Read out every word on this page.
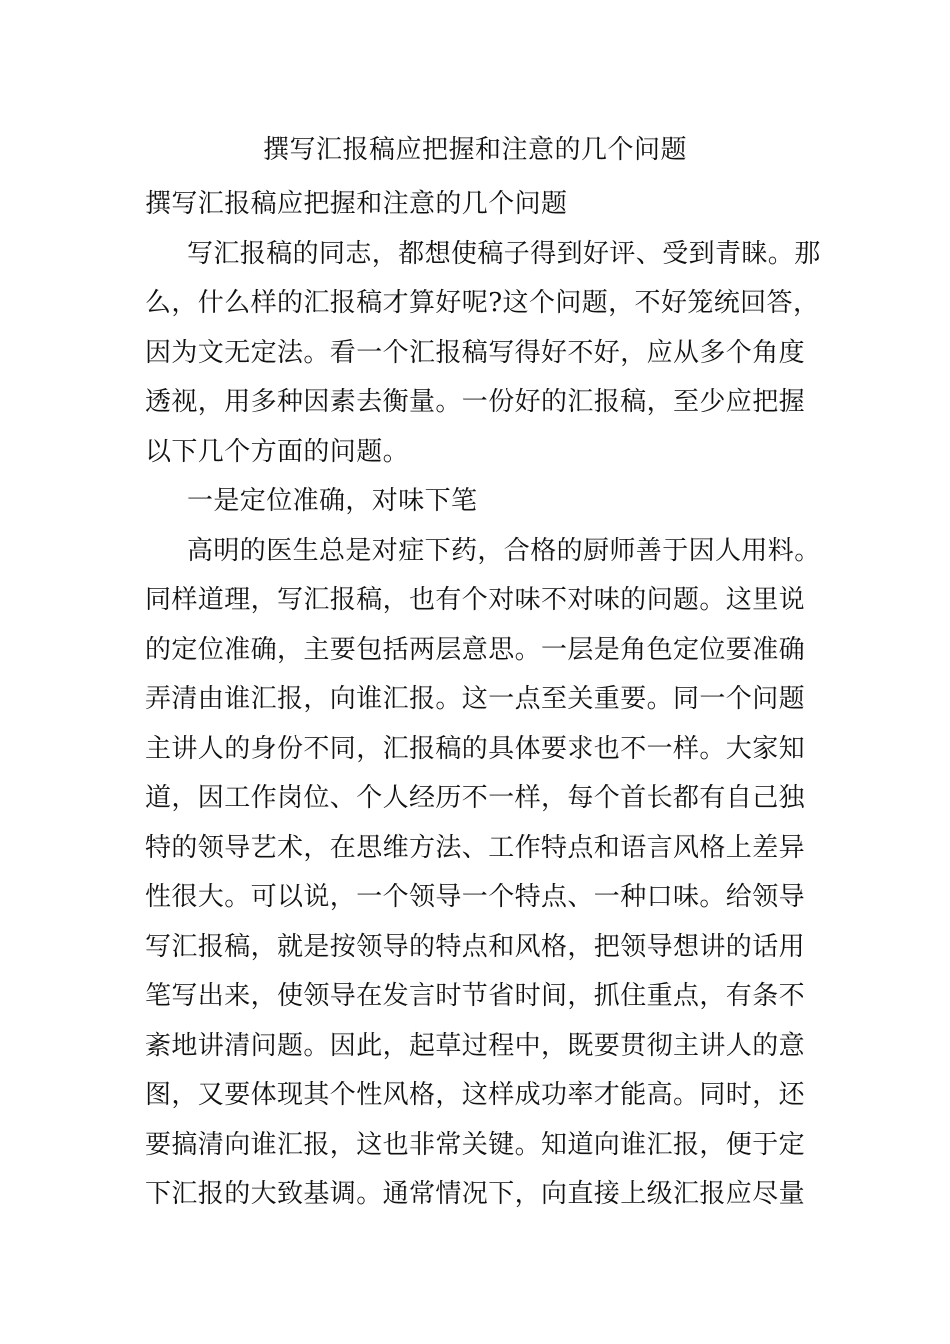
撰写汇报稿应把握和注意的几个问题
撰写汇报稿应把握和注意的几个问题
写汇报稿的同志，都想使稿子得到好评、受到青睐。那
么，什么样的汇报稿才算好呢?这个问题，不好笼统回答，
因为文无定法。看一个汇报稿写得好不好，应从多个角度
透视，用多种因素去衡量。一份好的汇报稿，至少应把握
以下几个方面的问题。
一是定位准确，对味下笔
高明的医生总是对症下药，合格的厨师善于因人用料。
同样道理，写汇报稿，也有个对味不对味的问题。这里说
的定位准确，主要包括两层意思。一层是角色定位要准确
弄清由谁汇报，向谁汇报。这一点至关重要。同一个问题
主讲人的身份不同，汇报稿的具体要求也不一样。大家知
道，因工作岗位、个人经历不一样，每个首长都有自己独
特的领导艺术，在思维方法、工作特点和语言风格上差异
性很大。可以说，一个领导一个特点、一种口味。给领导
写汇报稿，就是按领导的特点和风格，把领导想讲的话用
笔写出来，使领导在发言时节省时间，抓住重点，有条不
紊地讲清问题。因此，起草过程中，既要贯彻主讲人的意
图，又要体现其个性风格，这样成功率才能高。同时，还
要搞清向谁汇报，这也非常关键。知道向谁汇报，便于定
下汇报的大致基调。通常情况下，向直接上级汇报应尽量
